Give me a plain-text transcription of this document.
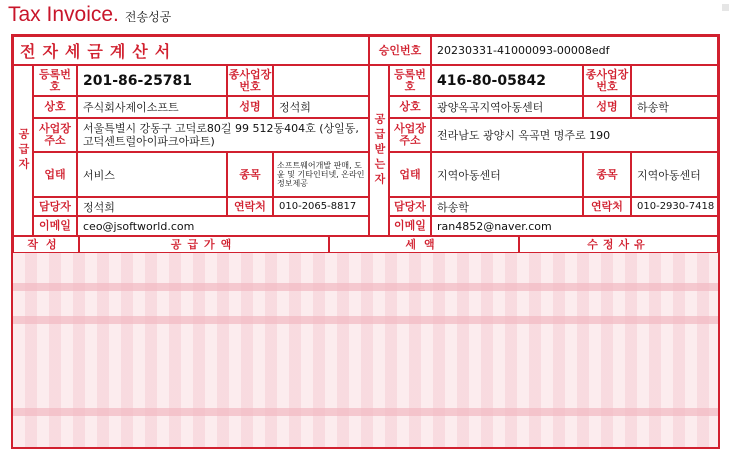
Tax Invoice. 전송성공
전자세금계산서	승인번호	20230331-41000093-00008edf
공급자
등록번호	201-86-25781	종사업장번호
상호	주식회사제이소프트	성명	정석희
사업장주소
서울특별시 강동구 고덕로80길 99 512동404호 (상일동, 고덕센트럴아이파크아파트)
업태	서비스	종목
소프트웨어개발 판매, 도윤 및 기타인터넷, 온라인정보제공
담당자	정석희	연락처	010-2065-8817
이메일	ceo@jsoftworld.com
공급받는자
등록번호	416-80-05842	종사업장번호
상호	광양옥곡지역아동센터	성명	하송학
사업장주소	전라남도 광양시 옥곡면 명주로 190
업태	지역아동센터	종목	지역아동센터
담당자	하송학	연락처	010-2930-7418
이메일	ran4852@naver.com
작성	공급가액	세액	수정사유
